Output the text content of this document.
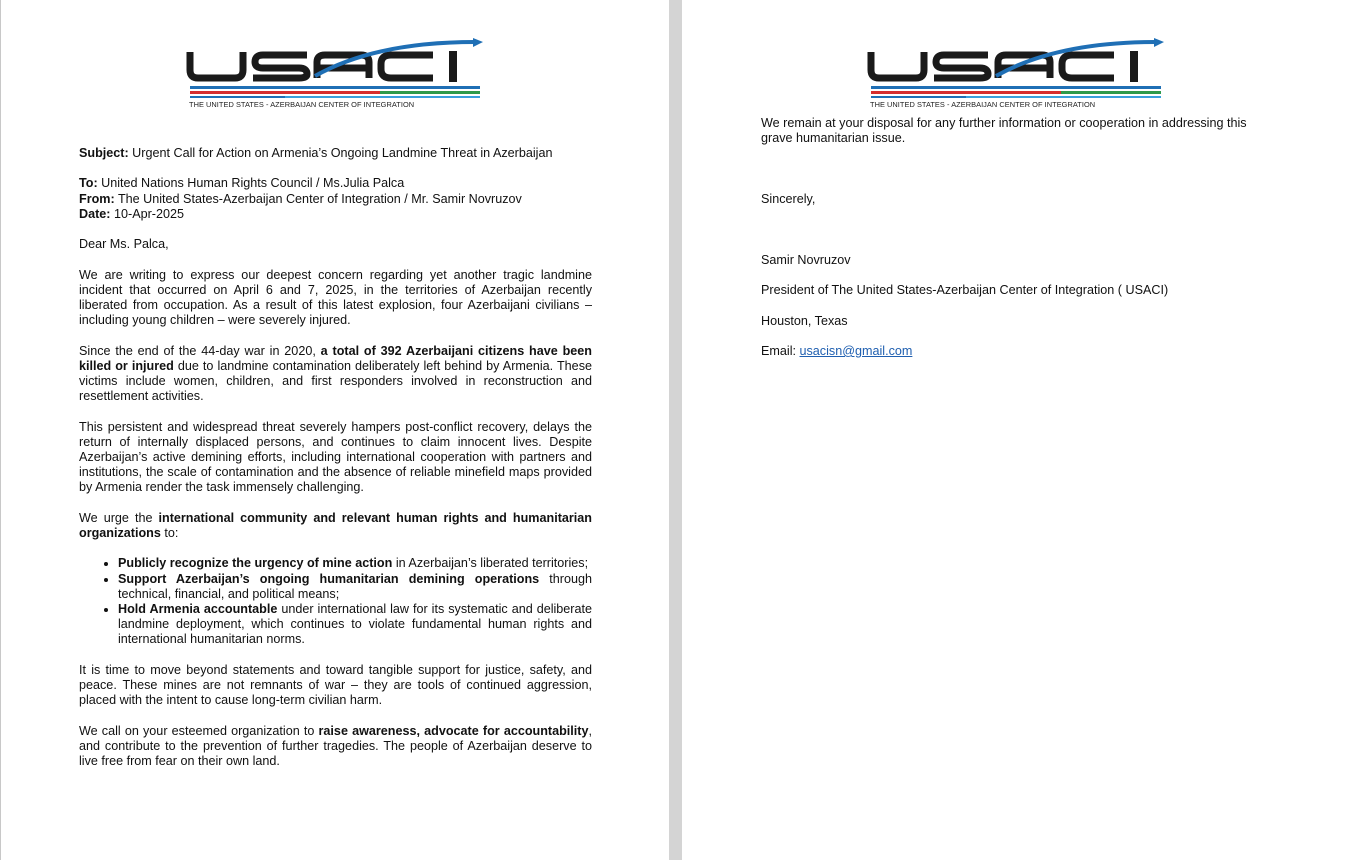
THE UNITED STATES - AZERBAIJAN CENTER OF INTEGRATION

Subject: Urgent Call for Action on Armenia’s Ongoing Landmine Threat in Azerbaijan

To: United Nations Human Rights Council / Ms.Julia Palca

From: The United States-Azerbaijan Center of Integration / Mr. Samir Novruzov

Date: 10-Apr-2025

Dear Ms. Palca,

We are writing to express our deepest concern regarding yet another tragic landmine incident that occurred on April 6 and 7, 2025, in the territories of Azerbaijan recently liberated from occupation. As a result of this latest explosion, four Azerbaijani civilians – including young children – were severely injured.

Since the end of the 44-day war in 2020, a total of 392 Azerbaijani citizens have been killed or injured due to landmine contamination deliberately left behind by Armenia. These victims include women, children, and first responders involved in reconstruction and resettlement activities.

This persistent and widespread threat severely hampers post-conflict recovery, delays the return of internally displaced persons, and continues to claim innocent lives. Despite Azerbaijan’s active demining efforts, including international cooperation with partners and institutions, the scale of contamination and the absence of reliable minefield maps provided by Armenia render the task immensely challenging.

We urge the international community and relevant human rights and humanitarian organizations to:

• Publicly recognize the urgency of mine action in Azerbaijan’s liberated territories;
• Support Azerbaijan’s ongoing humanitarian demining operations through technical, financial, and political means;
• Hold Armenia accountable under international law for its systematic and deliberate landmine deployment, which continues to violate fundamental human rights and international humanitarian norms.

It is time to move beyond statements and toward tangible support for justice, safety, and peace. These mines are not remnants of war – they are tools of continued aggression, placed with the intent to cause long-term civilian harm.

We call on your esteemed organization to raise awareness, advocate for accountability, and contribute to the prevention of further tragedies. The people of Azerbaijan deserve to live free from fear on their own land.

THE UNITED STATES - AZERBAIJAN CENTER OF INTEGRATION

We remain at your disposal for any further information or cooperation in addressing this grave humanitarian issue.

Sincerely,

Samir Novruzov

President of The United States-Azerbaijan Center of Integration ( USACI)

Houston, Texas

Email: usacisn@gmail.com
